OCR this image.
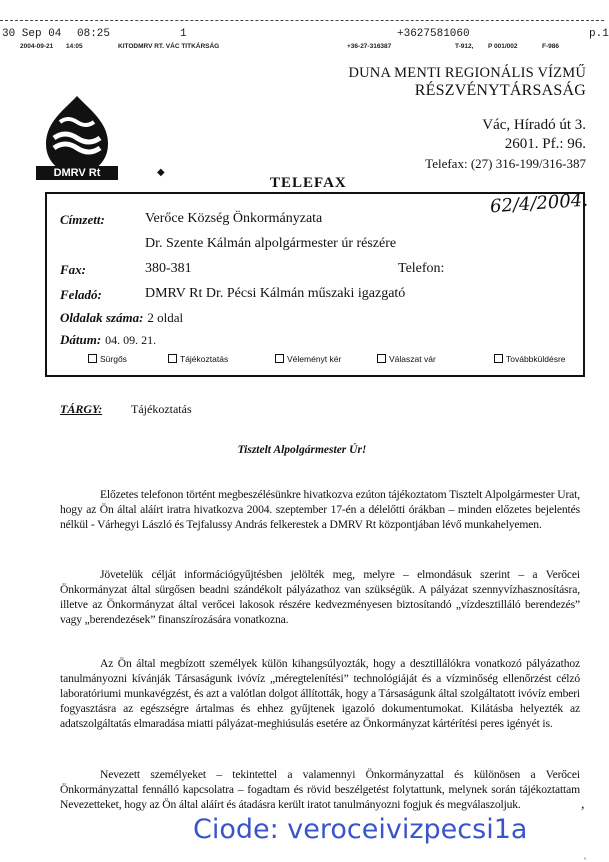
30 Sep 04 08:25	1	+3627581060	p.1
2004-09-21 14:05	KITODMRV RT. VÁC TITKÁRSÁG	+36-27-316387	T-912, P 001/002	F-986
DUNA MENTI REGIONÁLIS VÍZMŰ
RÉSZVÉNYTÁRSASÁG
Vác, Híradó út 3.
2601. Pf.: 96.
Telefax: (27) 316-199/316-387
DMRV Rt	◆
TELEFAX
62/4/2004.
Címzett:	Verőce Község Önkormányzata
Dr. Szente Kálmán alpolgármester úr részére
Fax:	380-381	Telefon:
Feladó:	DMRV Rt Dr. Pécsi Kálmán műszaki igazgató
Oldalak száma: 2 oldal
Dátum: 04. 09. 21.
Sürgős	Tájékoztatás	Véleményt kér	Válaszat vár	Továbbküldésre
TÁRGY: Tájékoztatás
Tisztelt Alpolgármester Úr!
Előzetes telefonon történt megbeszélésünkre hivatkozva ezúton tájékoztatom Tisztelt Alpolgármester Urat, hogy az Ön által aláírt iratra hivatkozva 2004. szeptember 17-én a délelőtti órákban – minden előzetes bejelentés nélkül - Várhegyi László és Tejfalussy András felkerestek a DMRV Rt központjában lévő munkahelyemen.
Jövetelük célját információgyűjtésben jelölték meg, melyre – elmondásuk szerint – a Verőcei Önkormányzat által sürgősen beadni szándékolt pályázathoz van szükségük. A pályázat szennyvízhasznosításra, illetve az Önkormányzat által verőcei lakosok részére kedvezményesen biztosítandó „vízdesztilláló berendezés” vagy „berendezések” finanszírozására vonatkozna.
Az Ön által megbízott személyek külön kihangsúlyozták, hogy a desztillálókra vonatkozó pályázathoz tanulmányozni kívánják Társaságunk ivóvíz „méregtelenítési” technológiáját és a vízminőség ellenőrzést célzó laboratóriumi munkavégzést, és azt a valótlan dolgot állították, hogy a Társaságunk által szolgáltatott ivóvíz emberi fogyasztásra az egészségre ártalmas és ehhez gyűjtenek igazoló dokumentumokat. Kilátásba helyezték az adatszolgáltatás elmaradása miatti pályázat-meghiúsulás esetére az Önkormányzat kártérítési peres igényét is.
Nevezett személyeket – tekintettel a valamennyi Önkormányzattal és különösen a Verőcei Önkormányzattal fennálló kapcsolatra – fogadtam és rövid beszélgetést folytattunk, melynek során tájékoztattam Nevezetteket, hogy az Ön által aláírt és átadásra került iratot tanulmányozni fogjuk és megválaszoljuk.	,
ˌ
Ciode: veroceivizpecsi1a
